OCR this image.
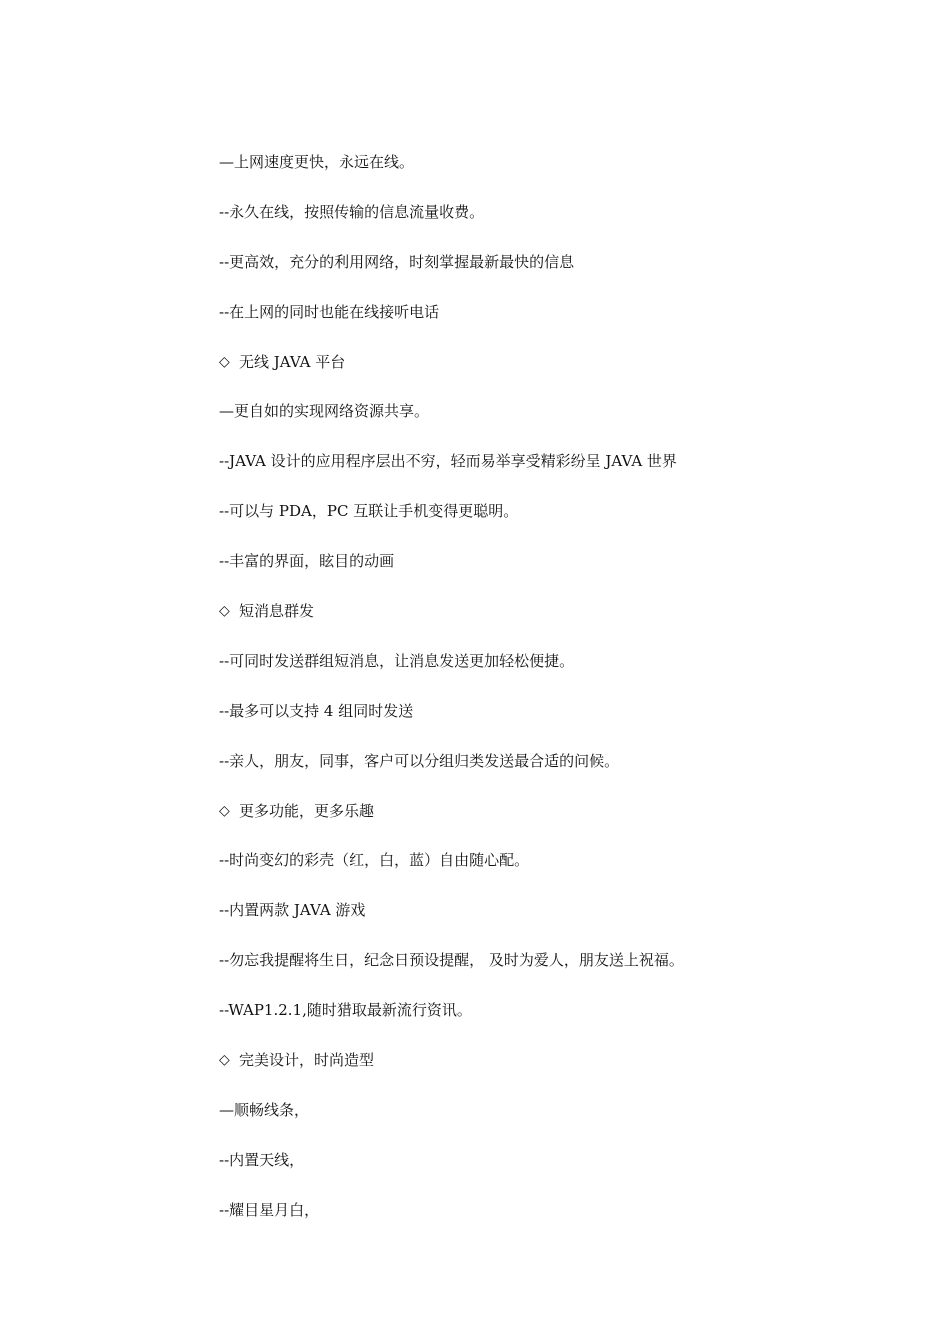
—上网速度更快，永远在线。
--永久在线，按照传输的信息流量收费。
--更高效，充分的利用网络，时刻掌握最新最快的信息
--在上网的同时也能在线接听电话
◇ 无线 JAVA 平台
—更自如的实现网络资源共享。
--JAVA 设计的应用程序层出不穷，轻而易举享受精彩纷呈 JAVA 世界
--可以与 PDA，PC 互联让手机变得更聪明。
--丰富的界面，眩目的动画
◇ 短消息群发
--可同时发送群组短消息，让消息发送更加轻松便捷。
--最多可以支持 4 组同时发送
--亲人，朋友，同事，客户可以分组归类发送最合适的问候。
◇ 更多功能，更多乐趣
--时尚变幻的彩壳（红，白，蓝）自由随心配。
--内置两款 JAVA 游戏
--勿忘我提醒将生日，纪念日预设提醒， 及时为爱人，朋友送上祝福。
--WAP1.2.1,随时猎取最新流行资讯。
◇ 完美设计，时尚造型
—顺畅线条，
--内置天线，
--耀目星月白，
